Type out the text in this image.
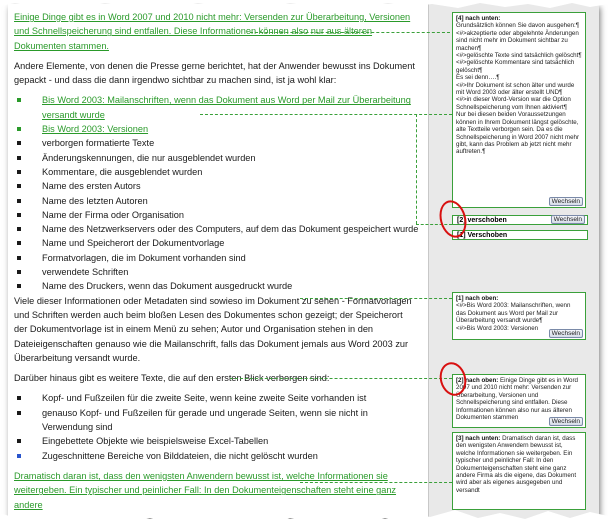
Einige Dinge gibt es in Word 2007 und 2010 nicht mehr: Versenden zur Überarbeitung, Versionen und Schnellspeicherung sind entfallen. Diese Informationen können also nur aus älteren Dokumenten stammen.

Andere Elemente, von denen die Presse gerne berichtet, hat der Anwender bewusst ins Dokument gepackt - und dass die dann irgendwo sichtbar zu machen sind, ist ja wohl klar:

Bis Word 2003: Mailanschriften, wenn das Dokument aus Word per Mail zur Überarbeitung versandt wurde
Bis Word 2003: Versionen
verborgen formatierte Texte
Änderungskennungen, die nur ausgeblendet wurden
Kommentare, die ausgeblendet wurden
Name des ersten Autors
Name des letzten Autoren
Name der Firma oder Organisation
Name des Netzwerkservers oder des Computers, auf dem das Dokument gespeichert wurde
Name und Speicherort der Dokumentvorlage
Formatvorlagen, die im Dokument vorhanden sind
verwendete Schriften
Name des Druckers, wenn das Dokument ausgedruckt wurde

Viele dieser Informationen oder Metadaten sind sowieso im Dokument zu sehen - Formatvorlagen und Schriften werden auch beim bloßen Lesen des Dokumentes schon gezeigt; der Speicherort der Dokumentvorlage ist in einem Menü zu sehen; Autor und Organisation stehen in den Dateieigenschaften genauso wie die Mailanschrift, falls das Dokument jemals aus Word 2003 zur Überarbeitung versandt wurde.

Darüber hinaus gibt es weitere Texte, die auf den ersten Blick verborgen sind:

Kopf- und Fußzeilen für die zweite Seite, wenn keine zweite Seite vorhanden ist
genauso Kopf- und Fußzeilen für gerade und ungerade Seiten, wenn sie nicht in Verwendung sind
Eingebettete Objekte wie beispielsweise Excel-Tabellen
Zugeschnittene Bereiche von Bilddateien, die nicht gelöscht wurden

Dramatisch daran ist, dass den wenigsten Anwendern bewusst ist, welche Informationen sie weitergeben. Ein typischer und peinlicher Fall: In den Dokumenteigenschaften steht eine ganz andere

[4] nach unten:
Grundsätzlich können Sie davon ausgehen:¶
<#>akzeptierte oder abgelehnte Änderungen sind nicht mehr im Dokument sichtbar zu machen¶
<#>gelöschte Texte sind tatsächlich gelöscht¶
<#>gelöschte Kommentare sind tatsächlich gelöscht¶
Es sei denn….¶
<#>Ihr Dokument ist schon älter und wurde mit Word 2003 oder älter erstellt UND¶
<#>in dieser Word-Version war die Option Schnellspeicherung vom Ihnen aktiviert¶
Nur bei diesen beiden Voraussetzungen können in Ihrem Dokument längst gelöschte, alte Textteile verborgen sein. Da es die Schnellspeicherung in Word 2007 nicht mehr gibt, kann das Problem ab jetzt nicht mehr auftreten.¶
Wechseln
[2] verschoben	Wechseln
[1] Verschoben
[1] nach oben:
<#>Bis Word 2003: Mailanschriften, wenn das Dokument aus Word per Mail zur Überarbeitung versandt wurde¶
<#>Bis Word 2003: Versionen
Wechseln
[2] nach oben: Einige Dinge gibt es in Word 2007 und 2010 nicht mehr: Versenden zur Überarbeitung, Versionen und Schnellspeicherung sind entfallen. Diese Informationen können also nur aus älteren Dokumenten stammen
Wechseln
[3] nach unten: Dramatisch daran ist, dass den wenigsten Anwendern bewusst ist, welche Informationen sie weitergeben. Ein typischer und peinlicher Fall: In den Dokumenteigenschaften steht eine ganz andere Firma als die eigene, das Dokument wird aber als eigenes ausgegeben und versandt
